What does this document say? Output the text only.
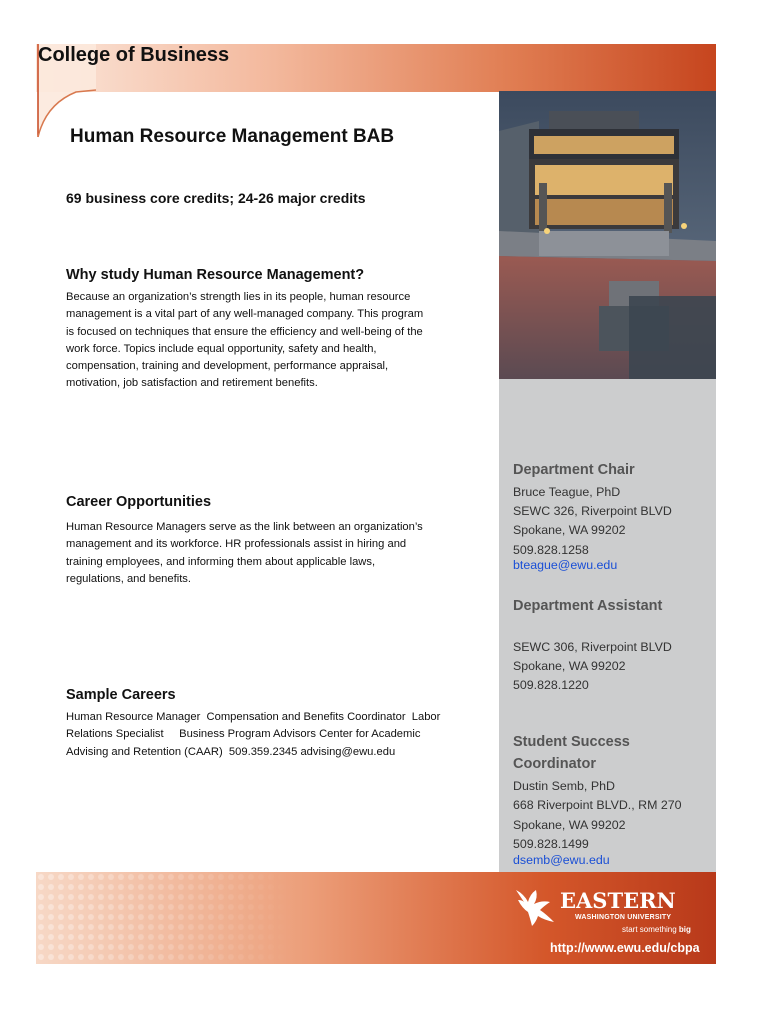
College of Business
Human Resource Management BAB
69 business core credits; 24-26 major credits
Why study Human Resource Management?
Because an organization’s strength lies in its people, human resource
management is a vital part of any well-managed company. This program
is focused on techniques that ensure the efficiency and well-being of the
work force. Topics include equal opportunity, safety and health,
compensation, training and development, performance appraisal,
motivation, job satisfaction and retirement benefits.
Career Opportunities
Human Resource Managers serve as the link between an organization’s
management and its workforce. HR professionals assist in hiring and
training employees, and informing them about applicable laws,
regulations, and benefits.
Sample Careers
Human Resource Manager  Compensation and Benefits Coordinator  Labor
Relations Specialist     Business Program Advisors Center for Academic
Advising and Retention (CAAR)  509.359.2345 advising@ewu.edu
Department Chair
Bruce Teague, PhD
SEWC 326, Riverpoint BLVD
Spokane, WA 99202
509.828.1258
bteague@ewu.edu
Department Assistant
SEWC 306, Riverpoint BLVD
Spokane, WA 99202
509.828.1220
Student Success
Coordinator
Dustin Semb, PhD
668 Riverpoint BLVD., RM 270
Spokane, WA 99202
509.828.1499
dsemb@ewu.edu
EASTERN
WASHINGTON UNIVERSITY
start something big
http://www.ewu.edu/cbpa
